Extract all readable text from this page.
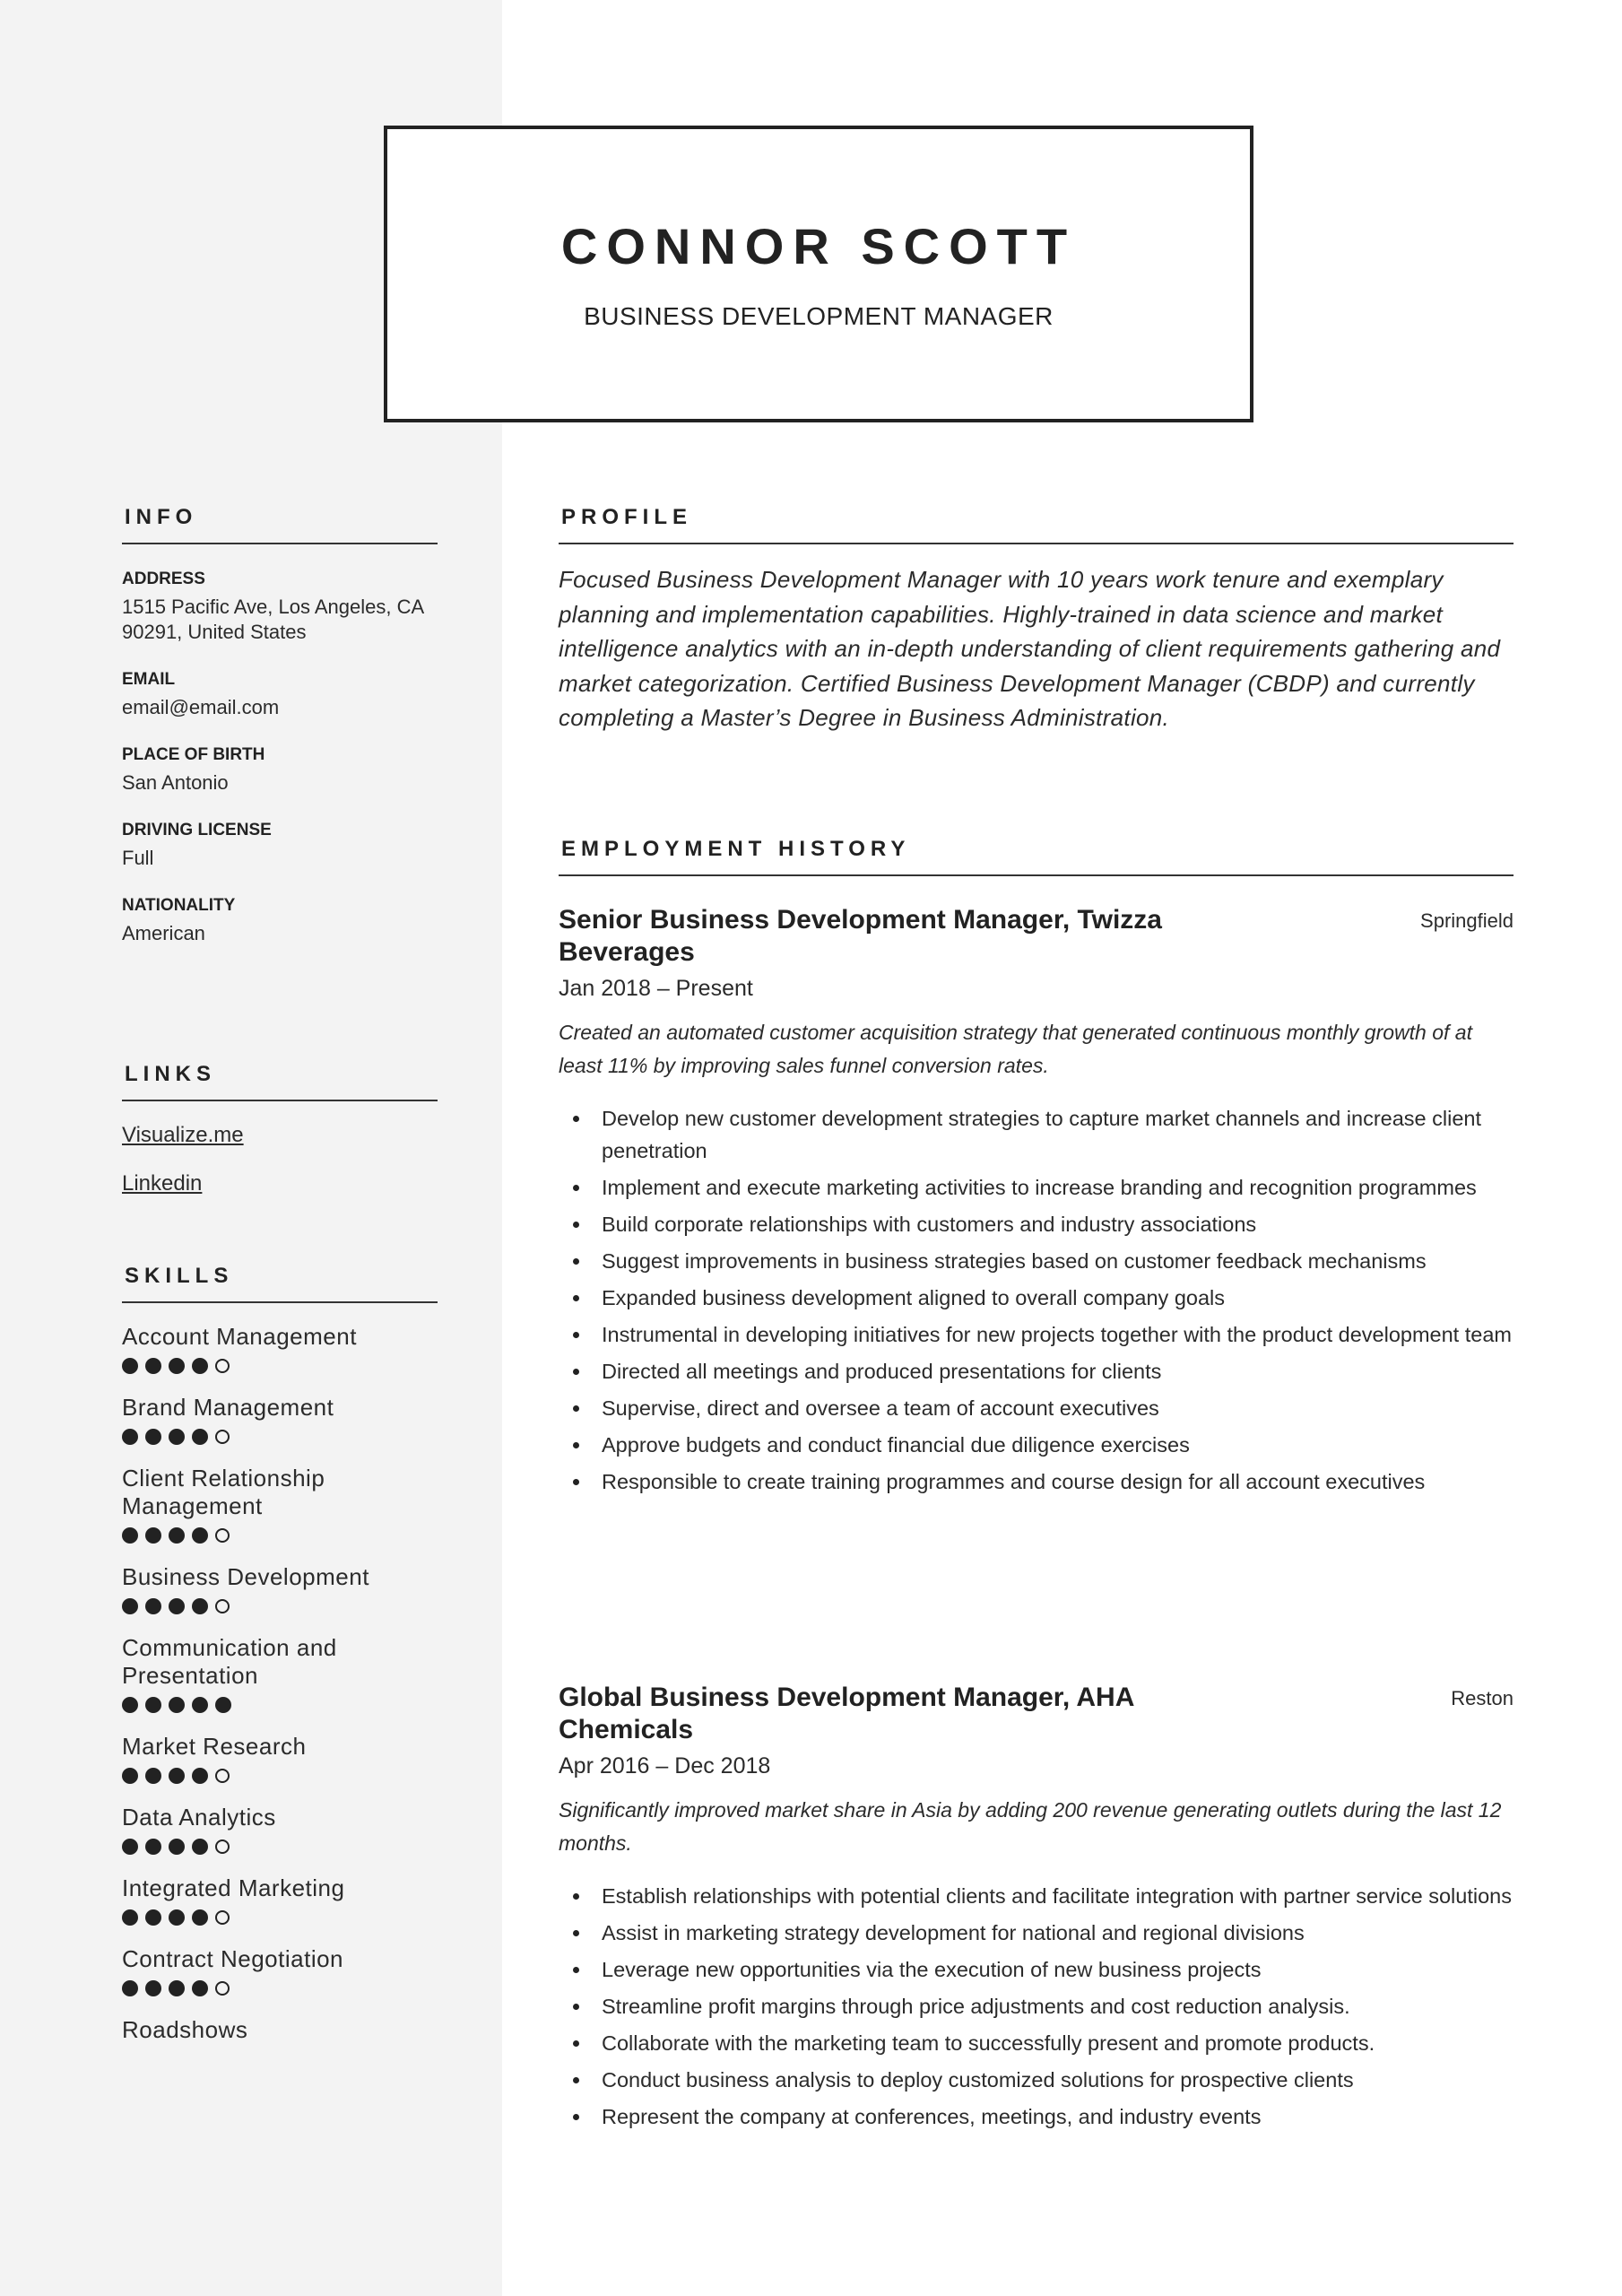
CONNOR SCOTT
BUSINESS DEVELOPMENT MANAGER
INFO
ADDRESS
1515 Pacific Ave, Los Angeles, CA 90291, United States
EMAIL
email@email.com
PLACE OF BIRTH
San Antonio
DRIVING LICENSE
Full
NATIONALITY
American
LINKS
Visualize.me
Linkedin
SKILLS
Account Management
Brand Management
Client Relationship Management
Business Development
Communication and Presentation
Market Research
Data Analytics
Integrated Marketing
Contract Negotiation
Roadshows
PROFILE
Focused Business Development Manager with 10 years work tenure and exemplary planning and implementation capabilities. Highly-trained in data science and market intelligence analytics with an in-depth understanding of client requirements gathering and market categorization. Certified Business Development Manager (CBDP) and currently completing a Master’s Degree in Business Administration.
EMPLOYMENT HISTORY
Senior Business Development Manager, Twizza Beverages
Springfield
Jan 2018 – Present
Created an automated customer acquisition strategy that generated continuous monthly growth of at least 11% by improving sales funnel conversion rates.
Develop new customer development strategies to capture market channels and increase client penetration
Implement and execute marketing activities to increase branding and recognition programmes
Build corporate relationships with customers and industry associations
Suggest improvements in business strategies based on customer feedback mechanisms
Expanded business development aligned to overall company goals
Instrumental in developing initiatives for new projects together with the product development team
Directed all meetings and produced presentations for clients
Supervise, direct and oversee a team of account executives
Approve budgets and conduct financial due diligence exercises
Responsible to create training programmes and course design for all account executives
Global Business Development Manager, AHA Chemicals
Reston
Apr 2016 – Dec 2018
Significantly improved market share in Asia by adding 200 revenue generating outlets during the last 12 months.
Establish relationships with potential clients and facilitate integration with partner service solutions
Assist in marketing strategy development for national and regional divisions
Leverage new opportunities via the execution of new business projects
Streamline profit margins through price adjustments and cost reduction analysis.
Collaborate with the marketing team to successfully present and promote products.
Conduct business analysis to deploy customized solutions for prospective clients
Represent the company at conferences, meetings, and industry events
